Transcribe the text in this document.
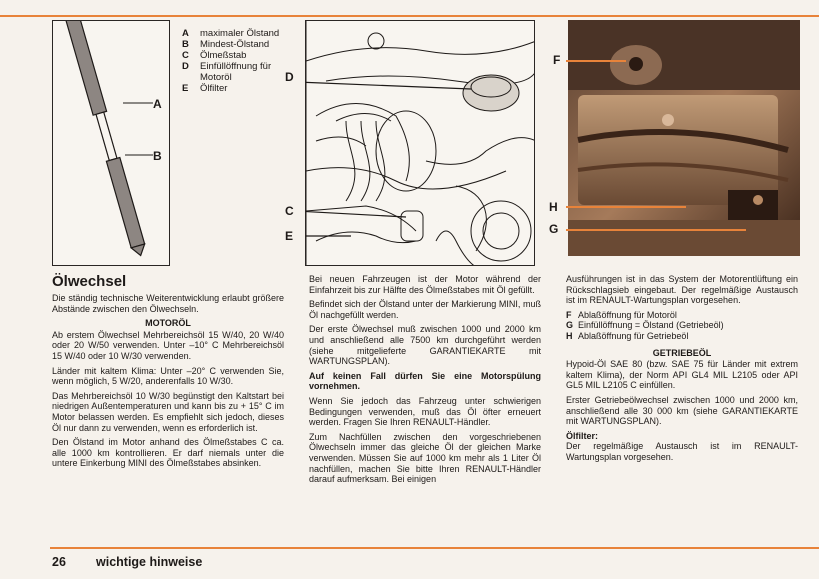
A
B
A	maximaler Ölstand
B	Mindest-Ölstand
C	Ölmeßstab
D	Einfüllöffnung für Motoröl
E	Ölfilter
D
C
E
F
H
G
Ölwechsel

Die ständig technische Weiterentwicklung erlaubt größere Abstände zwischen den Ölwechseln.

MOTORÖL

Ab erstem Ölwechsel Mehrbereichsöl 15 W/40, 20 W/40 oder 20 W/50 verwenden. Unter –10° C Mehrbereichsöl 15 W/40 oder 10 W/30 verwenden.

Länder mit kaltem Klima: Unter –20° C verwenden Sie, wenn möglich, 5 W/20, anderenfalls 10 W/30.

Das Mehrbereichsöl 10 W/30 begünstigt den Kaltstart bei niedrigen Außentemperaturen und kann bis zu + 15° C im Motor belassen werden. Es empfiehlt sich jedoch, dieses Öl nur dann zu verwenden, wenn es erforderlich ist.

Den Ölstand im Motor anhand des Ölmeßstabes C ca. alle 1000 km kontrollieren. Er darf niemals unter die untere Einkerbung MINI des Ölmeßstabes absinken.

Bei neuen Fahrzeugen ist der Motor während der Einfahrzeit bis zur Hälfte des Ölmeßstabes mit Öl gefüllt.

Befindet sich der Ölstand unter der Markierung MINI, muß Öl nachgefüllt werden.

Der erste Ölwechsel muß zwischen 1000 und 2000 km und anschließend alle 7500 km durchgeführt werden (siehe mitgelieferte GARANTIEKARTE mit WARTUNGSPLAN).

Auf keinen Fall dürfen Sie eine Motorspülung vornehmen.

Wenn Sie jedoch das Fahrzeug unter schwierigen Bedingungen verwenden, muß das Öl öfter erneuert werden. Fragen Sie Ihren RENAULT-Händler.

Zum Nachfüllen zwischen den vorgeschriebenen Ölwechseln immer das gleiche Öl der gleichen Marke verwenden. Müssen Sie auf 1000 km mehr als 1 Liter Öl nachfüllen, machen Sie bitte Ihren RENAULT-Händler darauf aufmerksam. Bei einigen

Ausführungen ist in das System der Motorentlüftung ein Rückschlagsieb eingebaut. Der regelmäßige Austausch ist im RENAULT-Wartungsplan vorgesehen.

F Ablaßöffnung für Motoröl
G Einfüllöffnung = Ölstand (Getriebeöl)
H Ablaßöffnung für Getriebeöl
GETRIEBEÖL

Hypoid-Öl SAE 80 (bzw. SAE 75 für Länder mit extrem kaltem Klima), der Norm API GL4 MIL L2105 oder API GL5 MIL L2105 C einfüllen.

Erster Getriebeölwechsel zwischen 1000 und 2000 km, anschließend alle 30 000 km (siehe GARANTIEKARTE mit WARTUNGSPLAN).

Ölfilter:

Der regelmäßige Austausch ist im RENAULT-Wartungsplan vorgesehen.

26 wichtige hinweise
